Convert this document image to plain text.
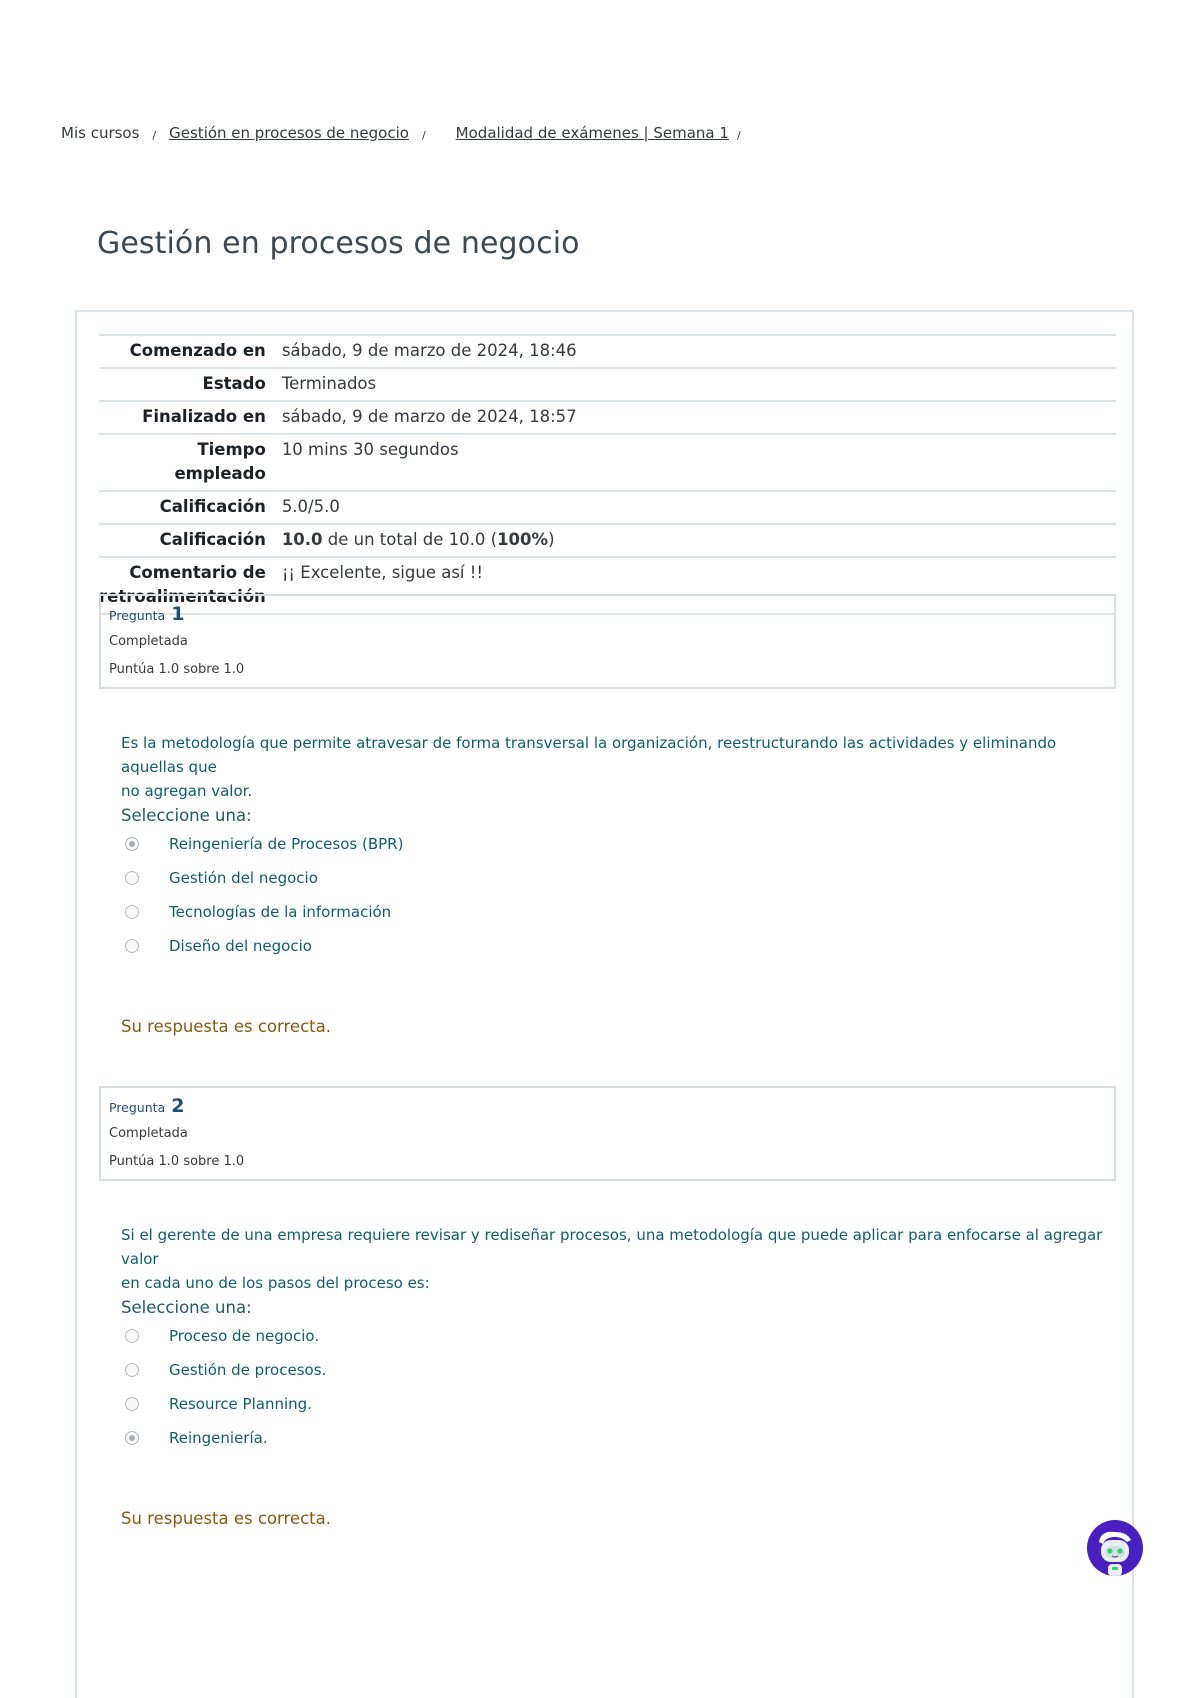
Mis cursos / Gestión en procesos de negocio / Modalidad de exámenes | Semana 1 /
Gestión en procesos de negocio
Comenzado en	sábado, 9 de marzo de 2024, 18:46
Estado	Terminados
Finalizado en	sábado, 9 de marzo de 2024, 18:57
Tiempo
empleado	10 mins 30 segundos
Calificación	5.0/5.0
Calificación	10.0 de un total de 10.0 (100%)
Comentario de
retroalimentación	¡¡ Excelente, sigue así !!
Pregunta 1
Completada
Puntúa 1.0 sobre 1.0
Es la metodología que permite atravesar de forma transversal la organización, reestructurando las actividades y eliminando aquellas que
no agregan valor.
Seleccione una:
Reingeniería de Procesos (BPR)
Gestión del negocio
Tecnologías de la información
Diseño del negocio
Su respuesta es correcta.
Pregunta 2
Completada
Puntúa 1.0 sobre 1.0
Si el gerente de una empresa requiere revisar y rediseñar procesos, una metodología que puede aplicar para enfocarse al agregar valor
en cada uno de los pasos del proceso es:
Seleccione una:
Proceso de negocio.
Gestión de procesos.
Resource Planning.
Reingeniería.
Su respuesta es correcta.
